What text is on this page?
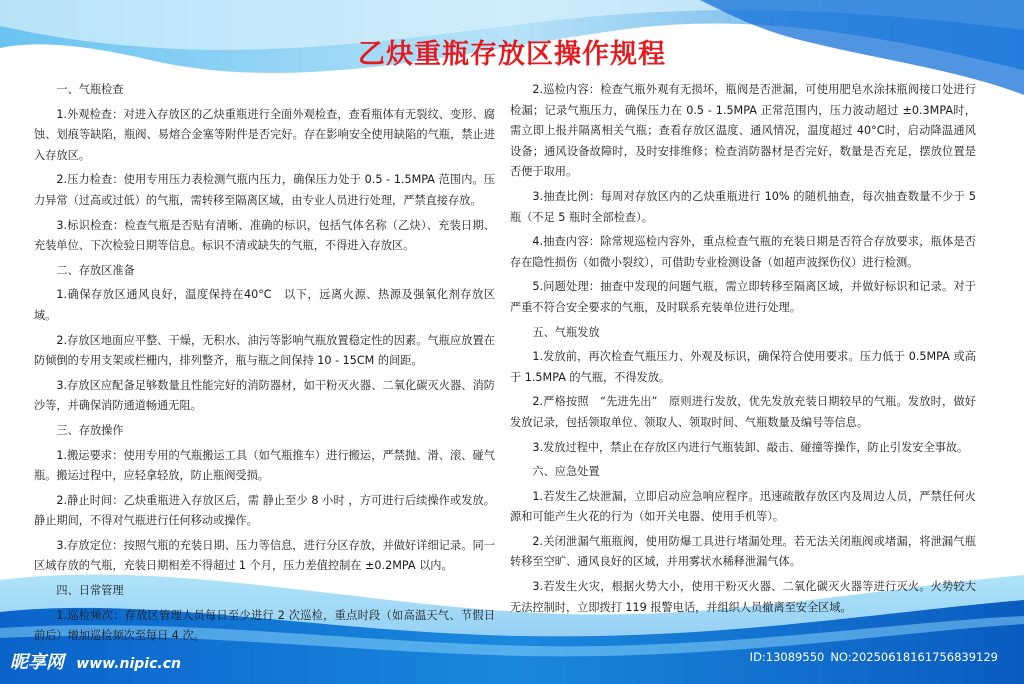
乙炔重瓶存放区操作规程

一、气瓶检查

1.外观检查：对进入存放区的乙炔重瓶进行全面外观检查，查看瓶体有无裂纹、变形、腐蚀、划痕等缺陷，瓶阀、易熔合金塞等附件是否完好。存在影响安全使用缺陷的气瓶，禁止进入存放区。

2.压力检查：使用专用压力表检测气瓶内压力，确保压力处于 0.5 - 1.5MPA 范围内。压力异常（过高或过低）的气瓶，需转移至隔离区域，由专业人员进行处理，严禁直接存放。

3.标识检查：检查气瓶是否贴有清晰、准确的标识，包括气体名称（乙炔）、充装日期、充装单位、下次检验日期等信息。标识不清或缺失的气瓶，不得进入存放区。

二、存放区准备

1.确保存放区通风良好，温度保持在40°C　以下，远离火源、热源及强氧化剂存放区域。

2.存放区地面应平整、干燥，无积水、油污等影响气瓶放置稳定性的因素。气瓶应放置在防倾倒的专用支架或栏栅内，排列整齐，瓶与瓶之间保持 10 - 15CM 的间距。

3.存放区应配备足够数量且性能完好的消防器材，如干粉灭火器、二氧化碳灭火器、消防沙等，并确保消防通道畅通无阻。

三、存放操作

1.搬运要求：使用专用的气瓶搬运工具（如气瓶推车）进行搬运，严禁抛、滑、滚、碰气瓶。搬运过程中，应轻拿轻放，防止瓶阀受损。

2.静止时间：乙炔重瓶进入存放区后，需 静止至少 8 小时 ，方可进行后续操作或发放。静止期间，不得对气瓶进行任何移动或操作。

3.存放定位：按照气瓶的充装日期、压力等信息，进行分区存放，并做好详细记录。同一区域存放的气瓶，充装日期相差不得超过 1 个月，压力差值控制在 ±0.2MPA 以内。

四、日常管理

1.巡检频次：存放区管理人员每日至少进行 2 次巡检，重点时段（如高温天气、节假日前后）增加巡检频次至每日 4 次。

2.巡检内容：检查气瓶外观有无损坏，瓶阀是否泄漏，可使用肥皂水涂抹瓶阀接口处进行检漏；记录气瓶压力，确保压力在 0.5 - 1.5MPA 正常范围内，压力波动超过 ±0.3MPA时，需立即上报并隔离相关气瓶；查看存放区温度、通风情况，温度超过 40°C时，启动降温通风设备；通风设备故障时，及时安排维修；检查消防器材是否完好，数量是否充足，摆放位置是否便于取用。

3.抽查比例：每周对存放区内的乙炔重瓶进行 10% 的随机抽查，每次抽查数量不少于 5 瓶（不足 5 瓶时全部检查）。

4.抽查内容：除常规巡检内容外，重点检查气瓶的充装日期是否符合存放要求，瓶体是否存在隐性损伤（如微小裂纹），可借助专业检测设备（如超声波探伤仪）进行检测。

5.问题处理：抽查中发现的问题气瓶，需立即转移至隔离区域，并做好标识和记录。对于严重不符合安全要求的气瓶，及时联系充装单位进行处理。

五、气瓶发放

1.发放前，再次检查气瓶压力、外观及标识，确保符合使用要求。压力低于 0.5MPA 或高于 1.5MPA 的气瓶，不得发放。

2.严格按照　“先进先出”　原则进行发放，优先发放充装日期较早的气瓶。发放时，做好发放记录，包括领取单位、领取人、领取时间、气瓶数量及编号等信息。

3.发放过程中，禁止在存放区内进行气瓶装卸、敲击、碰撞等操作，防止引发安全事故。

六、应急处置

1.若发生乙炔泄漏，立即启动应急响应程序。迅速疏散存放区内及周边人员，严禁任何火源和可能产生火花的行为（如开关电器、使用手机等）。

2.关闭泄漏气瓶瓶阀，使用防爆工具进行堵漏处理。若无法关闭瓶阀或堵漏，将泄漏气瓶转移至空旷、通风良好的区域，并用雾状水稀释泄漏气体。

3.若发生火灾，根据火势大小，使用干粉灭火器、二氧化碳灭火器等进行灭火。火势较大无法控制时，立即拨打 119 报警电话，并组织人员撤离至安全区域。

昵享网 www.nipic.cn	ID:13089550 NO:20250618161756839129
